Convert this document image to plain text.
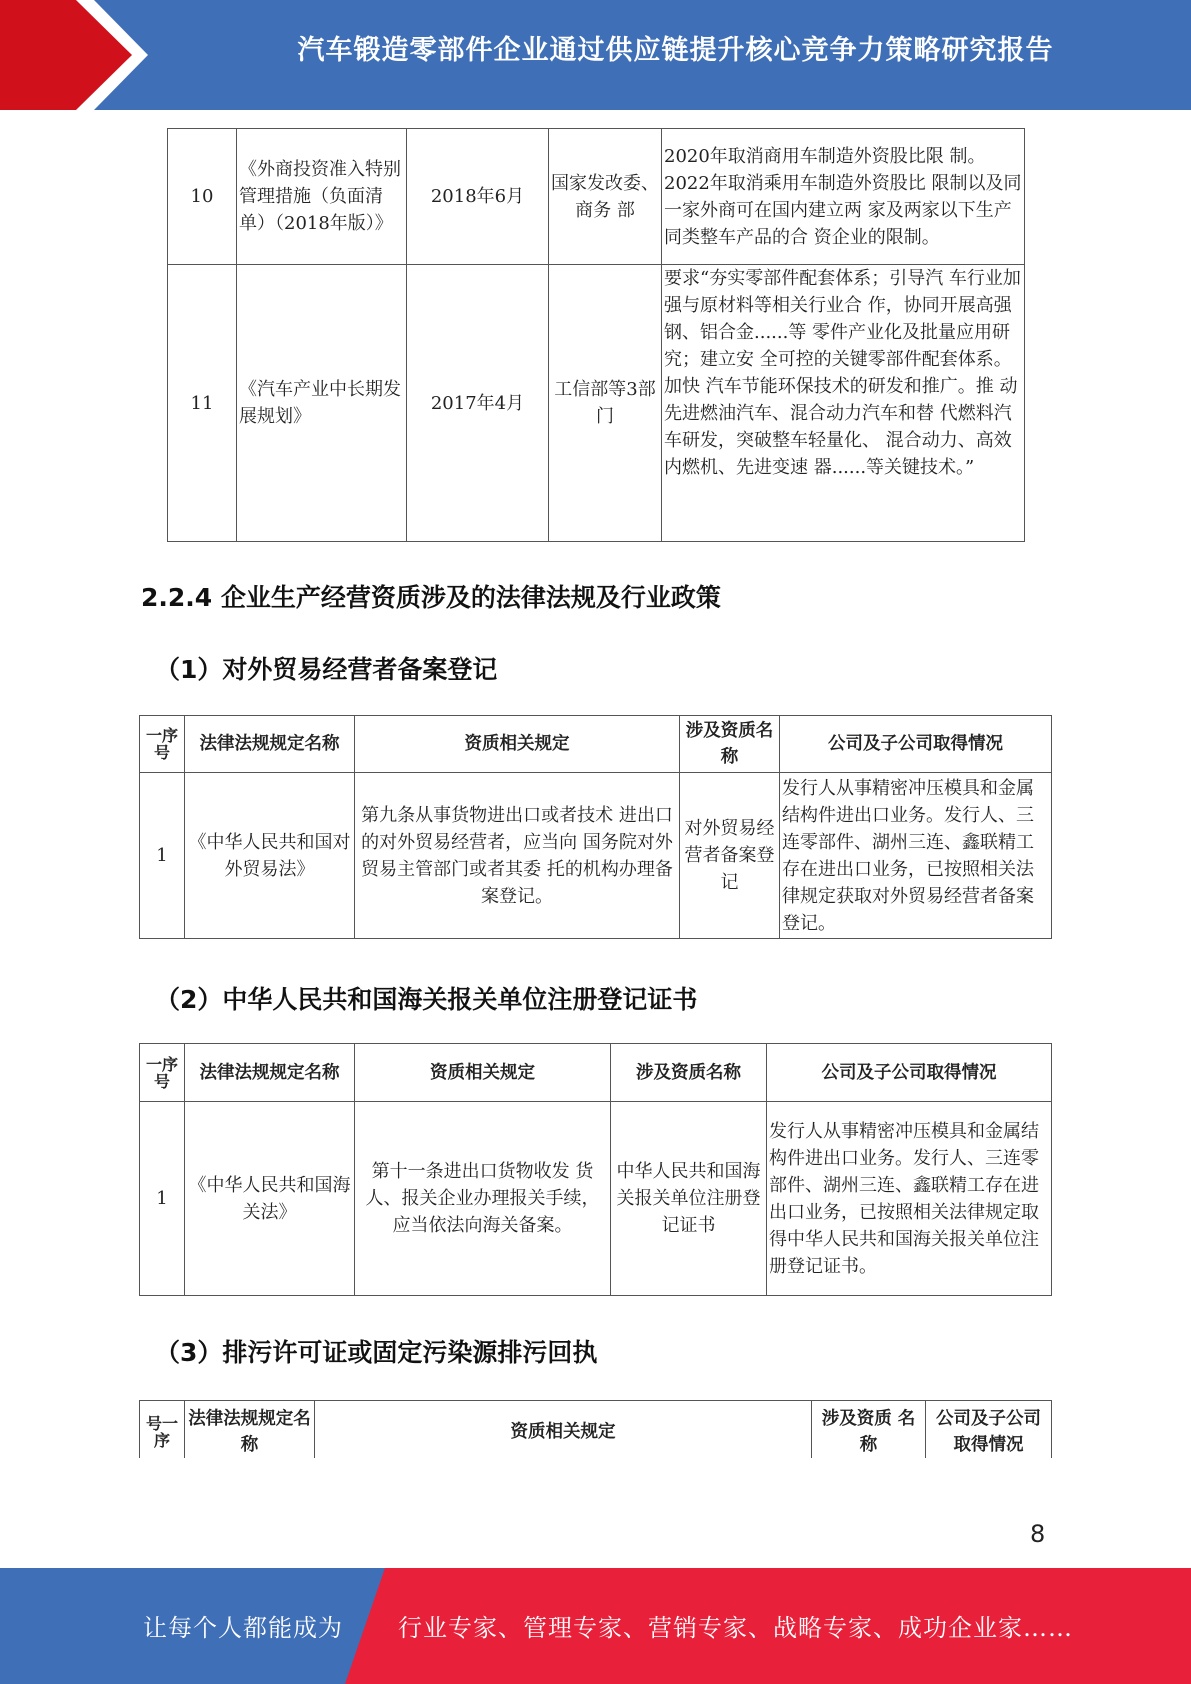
汽车锻造零部件企业通过供应链提升核心竞争力策略研究报告
10	《外商投资准入特别管理措施（负面清单）（2018年版）》	2018年6月	国家发改委、商务 部	2020年取消商用车制造外资股比限 制。2022年取消乘用车制造外资股比 限制以及同一家外商可在国内建立两 家及两家以下生产同类整车产品的合 资企业的限制。
11	《汽车产业中长期发展规划》	2017年4月	工信部等3部门	要求“夯实零部件配套体系；引导汽 车行业加强与原材料等相关行业合 作，协同开展高强钢、铝合金......等 零件产业化及批量应用研究；建立安 全可控的关键零部件配套体系。加快 汽车节能环保技术的研发和推广。推 动先进燃油汽车、混合动力汽车和替 代燃料汽车研发，突破整车轻量化、 混合动力、高效内燃机、先进变速 器......等关键技术。”
2.2.4 企业生产经营资质涉及的法律法规及行业政策
（1）对外贸易经营者备案登记
一序号	法律法规规定名称	资质相关规定	涉及资质名称	公司及子公司取得情况
1	《中华人民共和国对外贸易法》	第九条从事货物进出口或者技术 进出口的对外贸易经营者，应当向 国务院对外贸易主管部门或者其委 托的机构办理备案登记。	对外贸易经营者备案登记	发行人从事精密冲压模具和金属结构件进出口业务。发行人、三连零部件、湖州三连、鑫联精工存在进出口业务，已按照相关法律规定获取对外贸易经营者备案登记。
（2）中华人民共和国海关报关单位注册登记证书
一序号	法律法规规定名称	资质相关规定	涉及资质名称	公司及子公司取得情况
1	《中华人民共和国海关法》	第十一条进出口货物收发 货人、报关企业办理报关手续，应当依法向海关备案。	中华人民共和国海关报关单位注册登记证书	发行人从事精密冲压模具和金属结构件进出口业务。发行人、三连零部件、湖州三连、鑫联精工存在进出口业务，已按照相关法律规定取得中华人民共和国海关报关单位注册登记证书。
（3）排污许可证或固定污染源排污回执
号一序	法律法规规定名称	资质相关规定	涉及资质 名称	公司及子公司取得情况
8
让每个人都能成为 行业专家、管理专家、营销专家、战略专家、成功企业家……
